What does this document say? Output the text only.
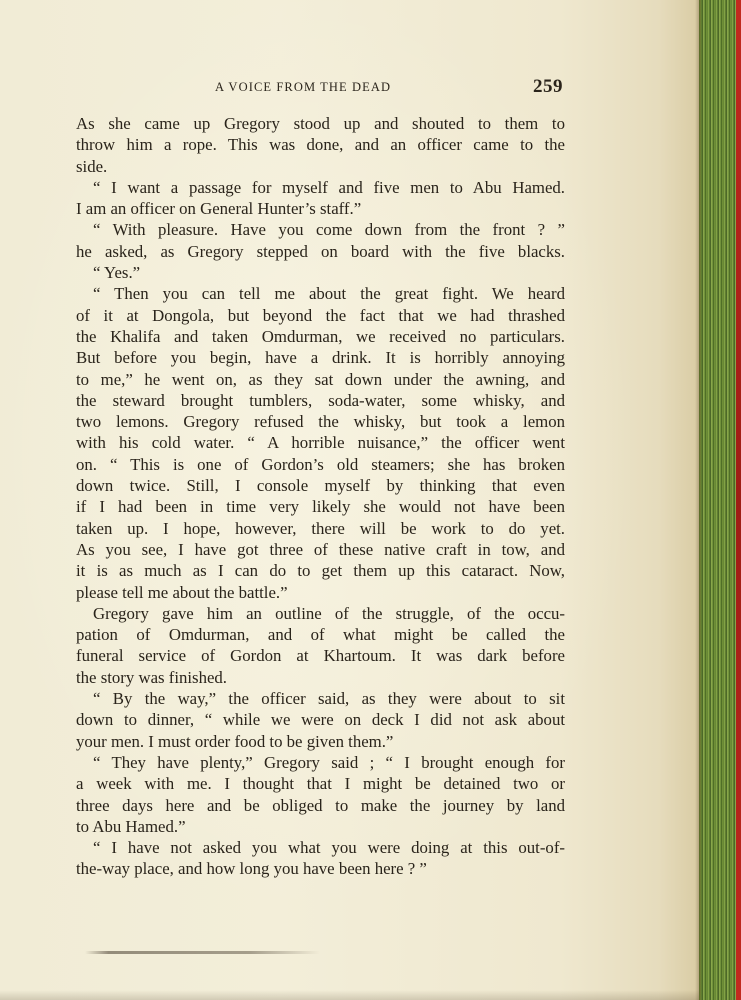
A VOICE FROM THE DEAD	259
As she came up Gregory stood up and shouted to them to
throw him a rope. This was done, and an officer came to the
side.
“ I want a passage for myself and five men to Abu Hamed.
I am an officer on General Hunter’s staff.”
“ With pleasure. Have you come down from the front ? ”
he asked, as Gregory stepped on board with the five blacks.
“ Yes.”
“ Then you can tell me about the great fight. We heard
of it at Dongola, but beyond the fact that we had thrashed
the Khalifa and taken Omdurman, we received no particulars.
But before you begin, have a drink. It is horribly annoying
to me,” he went on, as they sat down under the awning, and
the steward brought tumblers, soda-water, some whisky, and
two lemons. Gregory refused the whisky, but took a lemon
with his cold water. “ A horrible nuisance,” the officer went
on. “ This is one of Gordon’s old steamers; she has broken
down twice. Still, I console myself by thinking that even
if I had been in time very likely she would not have been
taken up. I hope, however, there will be work to do yet.
As you see, I have got three of these native craft in tow, and
it is as much as I can do to get them up this cataract. Now,
please tell me about the battle.”
Gregory gave him an outline of the struggle, of the occu-
pation of Omdurman, and of what might be called the
funeral service of Gordon at Khartoum. It was dark before
the story was finished.
“ By the way,” the officer said, as they were about to sit
down to dinner, “ while we were on deck I did not ask about
your men. I must order food to be given them.”
“ They have plenty,” Gregory said ; “ I brought enough for
a week with me. I thought that I might be detained two or
three days here and be obliged to make the journey by land
to Abu Hamed.”
“ I have not asked you what you were doing at this out-of-
the-way place, and how long you have been here ? ”
